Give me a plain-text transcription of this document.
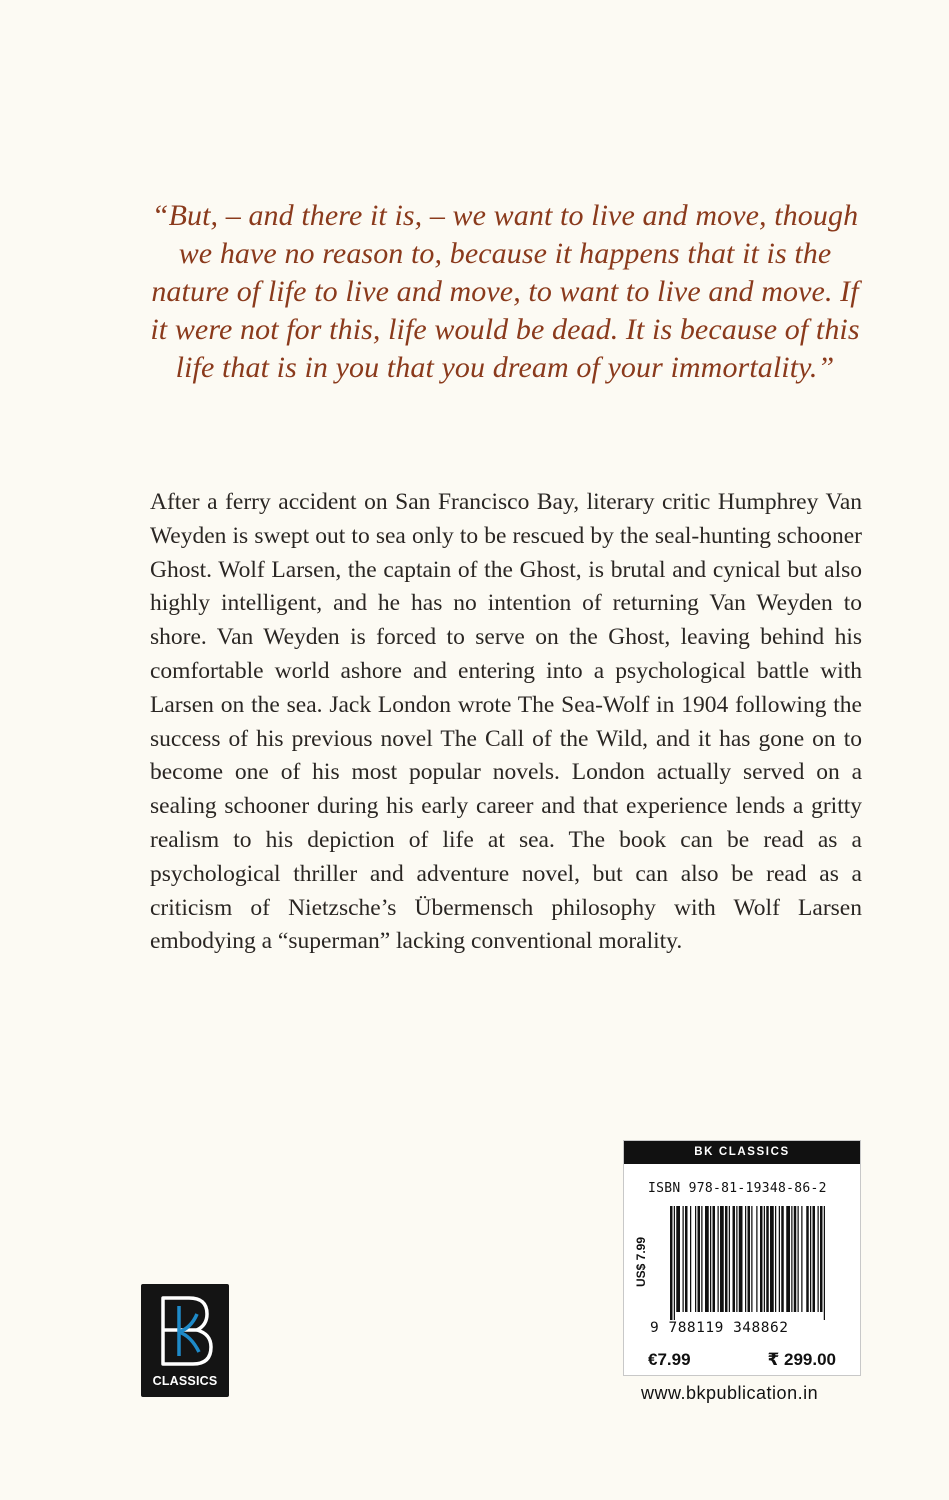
“But, – and there it is, – we want to live and move, though we have no reason to, because it happens that it is the nature of life to live and move, to want to live and move. If it were not for this, life would be dead. It is because of this life that is in you that you dream of your immortality.”

After a ferry accident on San Francisco Bay, literary critic Humphrey Van Weyden is swept out to sea only to be rescued by the seal-hunting schooner Ghost. Wolf Larsen, the captain of the Ghost, is brutal and cynical but also highly intelligent, and he has no intention of returning Van Weyden to shore. Van Weyden is forced to serve on the Ghost, leaving behind his comfortable world ashore and entering into a psychological battle with Larsen on the sea. Jack London wrote The Sea-Wolf in 1904 following the success of his previous novel The Call of the Wild, and it has gone on to become one of his most popular novels. London actually served on a sealing schooner during his early career and that experience lends a gritty realism to his depiction of life at sea. The book can be read as a psychological thriller and adventure novel, but can also be read as a criticism of Nietzsche’s Übermensch philosophy with Wolf Larsen embodying a “superman” lacking conventional morality.

CLASSICS
BK CLASSICS
ISBN 978-81-19348-86-2
US$ 7.99
9 788119 348862
€7.99	₹ 299.00
www.bkpublication.in
